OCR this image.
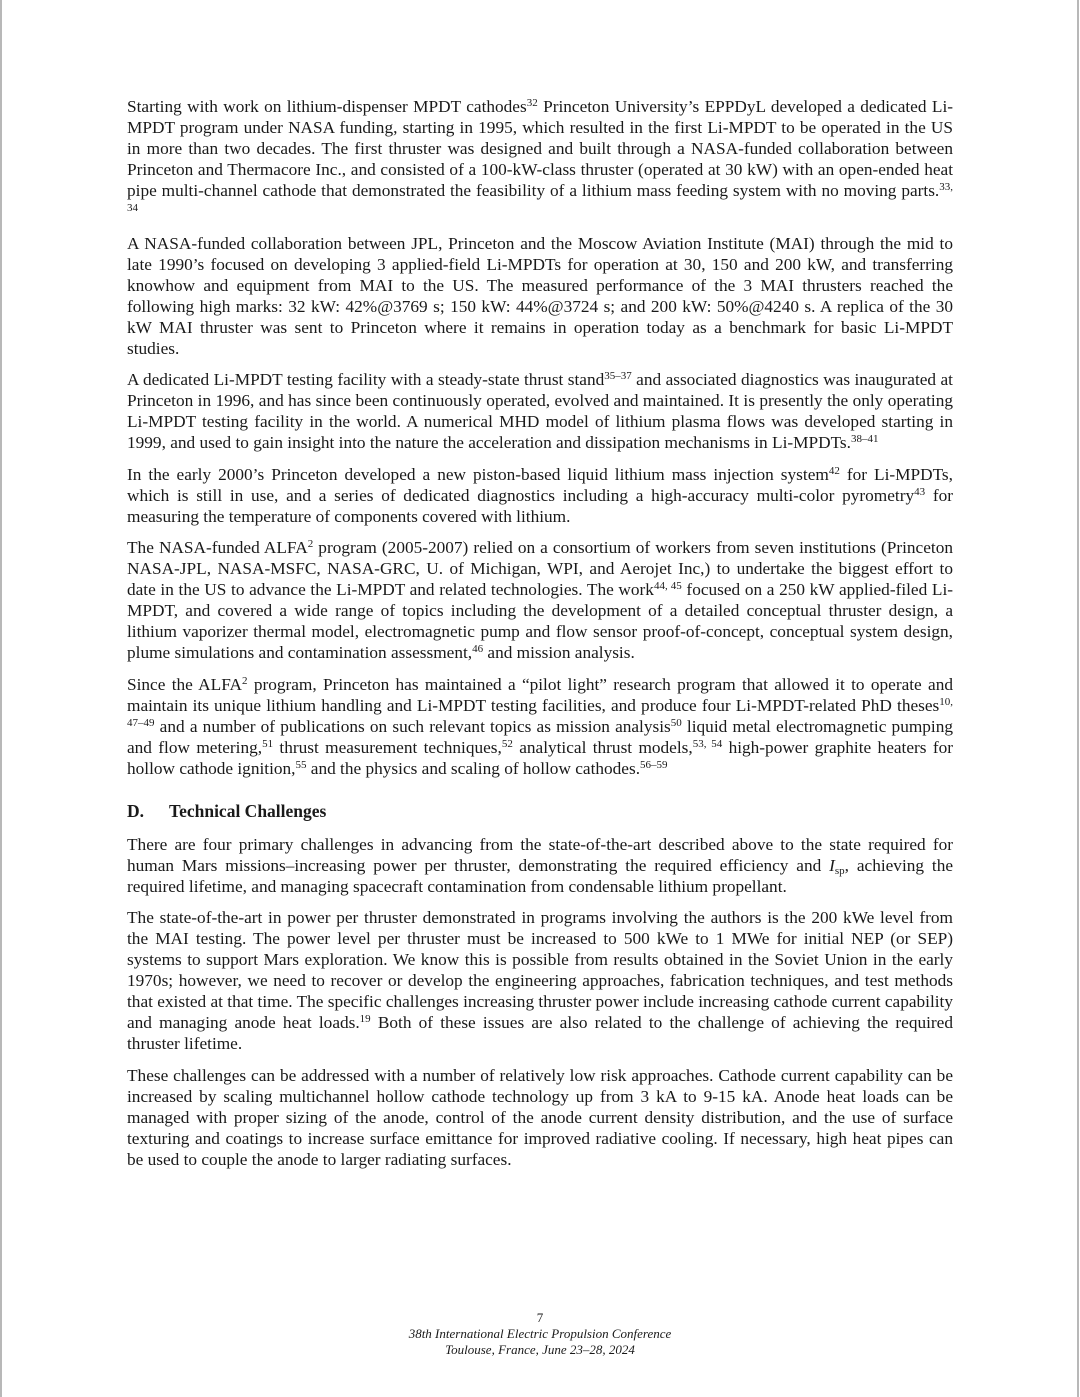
Starting with work on lithium-dispenser MPDT cathodes$^{32}$ Princeton University’s EPPDyL developed a dedicated Li-MPDT program under NASA funding, starting in 1995, which resulted in the first Li-MPDT to be operated in the US in more than two decades. The first thruster was designed and built through a NASA-funded collaboration between Princeton and Thermacore Inc., and consisted of a 100-kW-class thruster (operated at 30 kW) with an open-ended heat pipe multi-channel cathode that demonstrated the feasibility of a lithium mass feeding system with no moving parts.$^{33, 34}$

A NASA-funded collaboration between JPL, Princeton and the Moscow Aviation Institute (MAI) through the mid to late 1990’s focused on developing 3 applied-field Li-MPDTs for operation at 30, 150 and 200 kW, and transferring knowhow and equipment from MAI to the US. The measured performance of the 3 MAI thrusters reached the following high marks: 32 kW: 42%@3769 s; 150 kW: 44%@3724 s; and 200 kW: 50%@4240 s. A replica of the 30 kW MAI thruster was sent to Princeton where it remains in operation today as a benchmark for basic Li-MPDT studies.

A dedicated Li-MPDT testing facility with a steady-state thrust stand$^{35-37}$ and associated diagnostics was inaugurated at Princeton in 1996, and has since been continuously operated, evolved and maintained. It is presently the only operating Li-MPDT testing facility in the world. A numerical MHD model of lithium plasma flows was developed starting in 1999, and used to gain insight into the nature the acceleration and dissipation mechanisms in Li-MPDTs.$^{38-41}$

In the early 2000’s Princeton developed a new piston-based liquid lithium mass injection system$^{42}$ for Li-MPDTs, which is still in use, and a series of dedicated diagnostics including a high-accuracy multi-color pyrometry$^{43}$ for measuring the temperature of components covered with lithium.

The NASA-funded ALFA$^2$ program (2005-2007) relied on a consortium of workers from seven institutions (Princeton NASA-JPL, NASA-MSFC, NASA-GRC, U. of Michigan, WPI, and Aerojet Inc,) to undertake the biggest effort to date in the US to advance the Li-MPDT and related technologies. The work$^{44, 45}$ focused on a 250 kW applied-filed Li-MPDT, and covered a wide range of topics including the development of a detailed conceptual thruster design, a lithium vaporizer thermal model, electromagnetic pump and flow sensor proof-of-concept, conceptual system design, plume simulations and contamination assessment,$^{46}$ and mission analysis.

Since the ALFA$^2$ program, Princeton has maintained a “pilot light” research program that allowed it to operate and maintain its unique lithium handling and Li-MPDT testing facilities, and produce four Li-MPDT-related PhD theses$^{10, 47-49}$ and a number of publications on such relevant topics as mission analysis$^{50}$ liquid metal electromagnetic pumping and flow metering,$^{51}$ thrust measurement techniques,$^{52}$ analytical thrust models,$^{53, 54}$ high-power graphite heaters for hollow cathode ignition,$^{55}$ and the physics and scaling of hollow cathodes.$^{56-59}$

D. Technical Challenges

There are four primary challenges in advancing from the state-of-the-art described above to the state required for human Mars missions–increasing power per thruster, demonstrating the required efficiency and $I_{sp}$, achieving the required lifetime, and managing spacecraft contamination from condensable lithium propellant.

The state-of-the-art in power per thruster demonstrated in programs involving the authors is the 200 kWe level from the MAI testing. The power level per thruster must be increased to 500 kWe to 1 MWe for initial NEP (or SEP) systems to support Mars exploration. We know this is possible from results obtained in the Soviet Union in the early 1970s; however, we need to recover or develop the engineering approaches, fabrication techniques, and test methods that existed at that time. The specific challenges increasing thruster power include increasing cathode current capability and managing anode heat loads.$^{19}$ Both of these issues are also related to the challenge of achieving the required thruster lifetime.

These challenges can be addressed with a number of relatively low risk approaches. Cathode current capability can be increased by scaling multichannel hollow cathode technology up from 3 kA to 9-15 kA. Anode heat loads can be managed with proper sizing of the anode, control of the anode current density distribution, and the use of surface texturing and coatings to increase surface emittance for improved radiative cooling. If necessary, high heat pipes can be used to couple the anode to larger radiating surfaces.

7
38th International Electric Propulsion Conference
Toulouse, France, June 23–28, 2024
